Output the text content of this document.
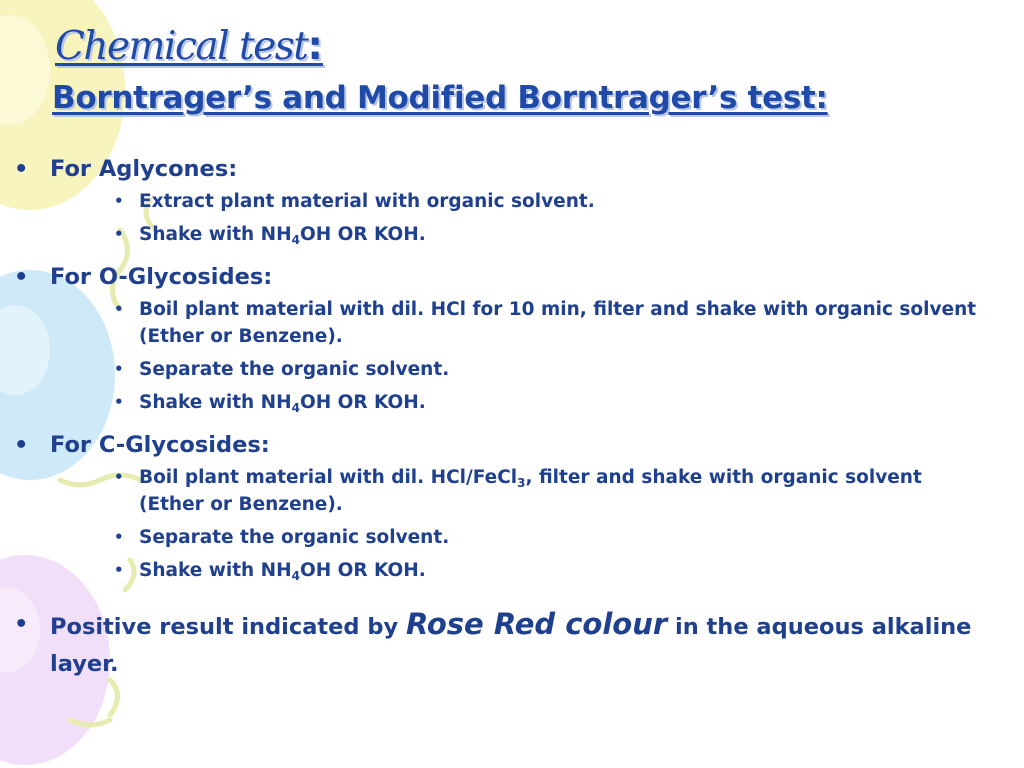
Chemical test:
Borntrager’s and Modified Borntrager’s test:
• For Aglycones:
• Extract plant material with organic solvent.
• Shake with $NH_4OH$ OR KOH.
• For O-Glycosides:
• Boil plant material with dil. HCl for 10 min, filter and shake with organic solvent (Ether or Benzene).
• Separate the organic solvent.
• Shake with $NH_4OH$ OR KOH.
• For C-Glycosides:
• Boil plant material with dil. HCl/FeCl$_3$, filter and shake with organic solvent (Ether or Benzene).
• Separate the organic solvent.
• Shake with $NH_4OH$ OR KOH.
• Positive result indicated by Rose Red colour in the aqueous alkaline layer.
